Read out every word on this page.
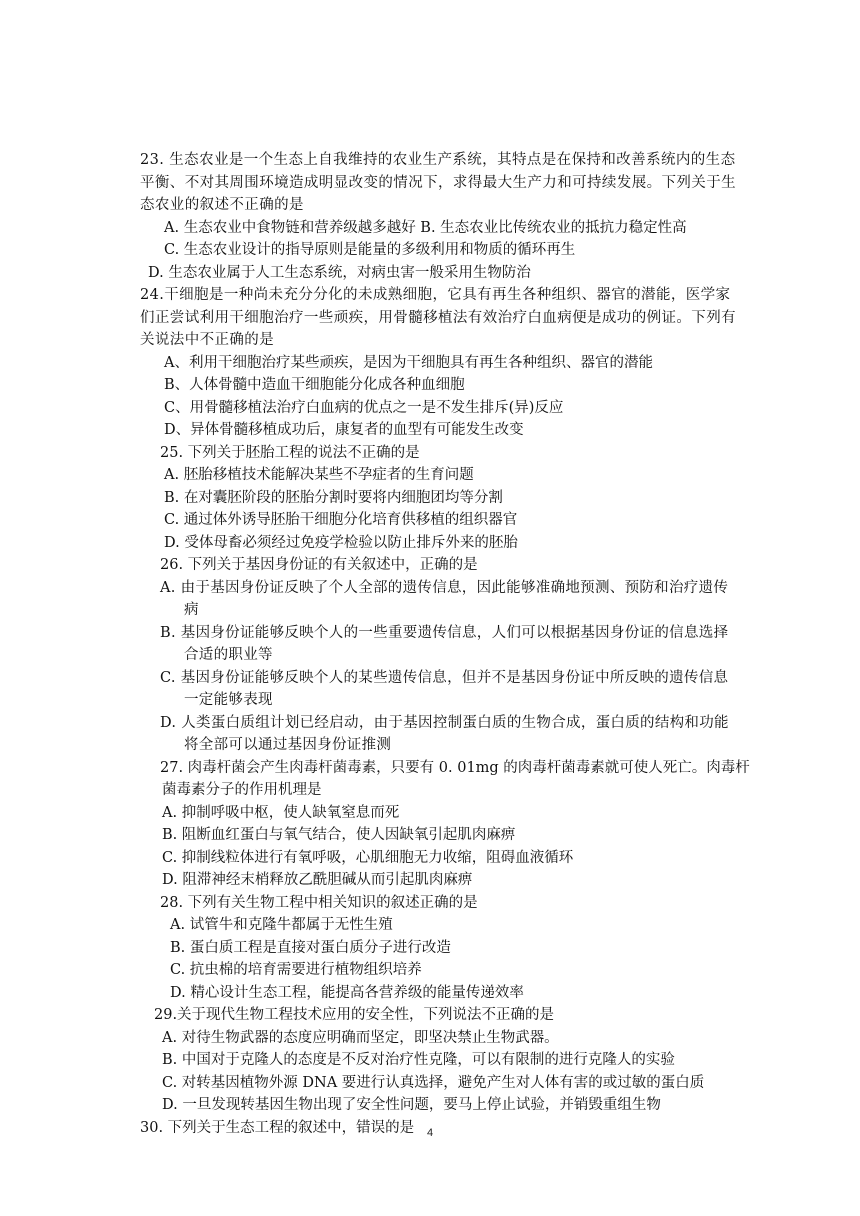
23. 生态农业是一个生态上自我维持的农业生产系统，其特点是在保持和改善系统内的生态平衡、不对其周围环境造成明显改变的情况下，求得最大生产力和可持续发展。下列关于生态农业的叙述不正确的是

A. 生态农业中食物链和营养级越多越好 B. 生态农业比传统农业的抵抗力稳定性高

C. 生态农业设计的指导原则是能量的多级利用和物质的循环再生

D. 生态农业属于人工生态系统，对病虫害一般采用生物防治

24.干细胞是一种尚未充分分化的未成熟细胞，它具有再生各种组织、器官的潜能，医学家们正尝试利用干细胞治疗一些顽疾，用骨髓移植法有效治疗白血病便是成功的例证。下列有关说法中不正确的是

A、利用干细胞治疗某些顽疾，是因为干细胞具有再生各种组织、器官的潜能

B、人体骨髓中造血干细胞能分化成各种血细胞

C、用骨髓移植法治疗白血病的优点之一是不发生排斥(异)反应

D、异体骨髓移植成功后，康复者的血型有可能发生改变

25. 下列关于胚胎工程的说法不正确的是

A. 胚胎移植技术能解决某些不孕症者的生育问题

B. 在对囊胚阶段的胚胎分割时要将内细胞团均等分割

C. 通过体外诱导胚胎干细胞分化培育供移植的组织器官

D. 受体母畜必须经过免疫学检验以防止排斥外来的胚胎

26. 下列关于基因身份证的有关叙述中，正确的是

A. 由于基因身份证反映了个人全部的遗传信息，因此能够准确地预测、预防和治疗遗传病

B. 基因身份证能够反映个人的一些重要遗传信息，人们可以根据基因身份证的信息选择合适的职业等

C. 基因身份证能够反映个人的某些遗传信息，但并不是基因身份证中所反映的遗传信息一定能够表现

D. 人类蛋白质组计划已经启动，由于基因控制蛋白质的生物合成，蛋白质的结构和功能将全部可以通过基因身份证推测

27. 肉毒杆菌会产生肉毒杆菌毒素，只要有 0. 01mg 的肉毒杆菌毒素就可使人死亡。肉毒杆

菌毒素分子的作用机理是

A. 抑制呼吸中枢，使人缺氧窒息而死

B. 阻断血红蛋白与氧气结合，使人因缺氧引起肌肉麻痹

C. 抑制线粒体进行有氧呼吸，心肌细胞无力收缩，阻碍血液循环

D. 阻滞神经末梢释放乙酰胆碱从而引起肌肉麻痹

28. 下列有关生物工程中相关知识的叙述正确的是

A. 试管牛和克隆牛都属于无性生殖

B. 蛋白质工程是直接对蛋白质分子进行改造

C. 抗虫棉的培育需要进行植物组织培养

D. 精心设计生态工程，能提高各营养级的能量传递效率

29.关于现代生物工程技术应用的安全性，下列说法不正确的是

A. 对待生物武器的态度应明确而坚定，即坚决禁止生物武器。

B. 中国对于克隆人的态度是不反对治疗性克隆，可以有限制的进行克隆人的实验

C. 对转基因植物外源 DNA 要进行认真选择，避免产生对人体有害的或过敏的蛋白质

D. 一旦发现转基因生物出现了安全性问题，要马上停止试验，并销毁重组生物

30. 下列关于生态工程的叙述中，错误的是	4
